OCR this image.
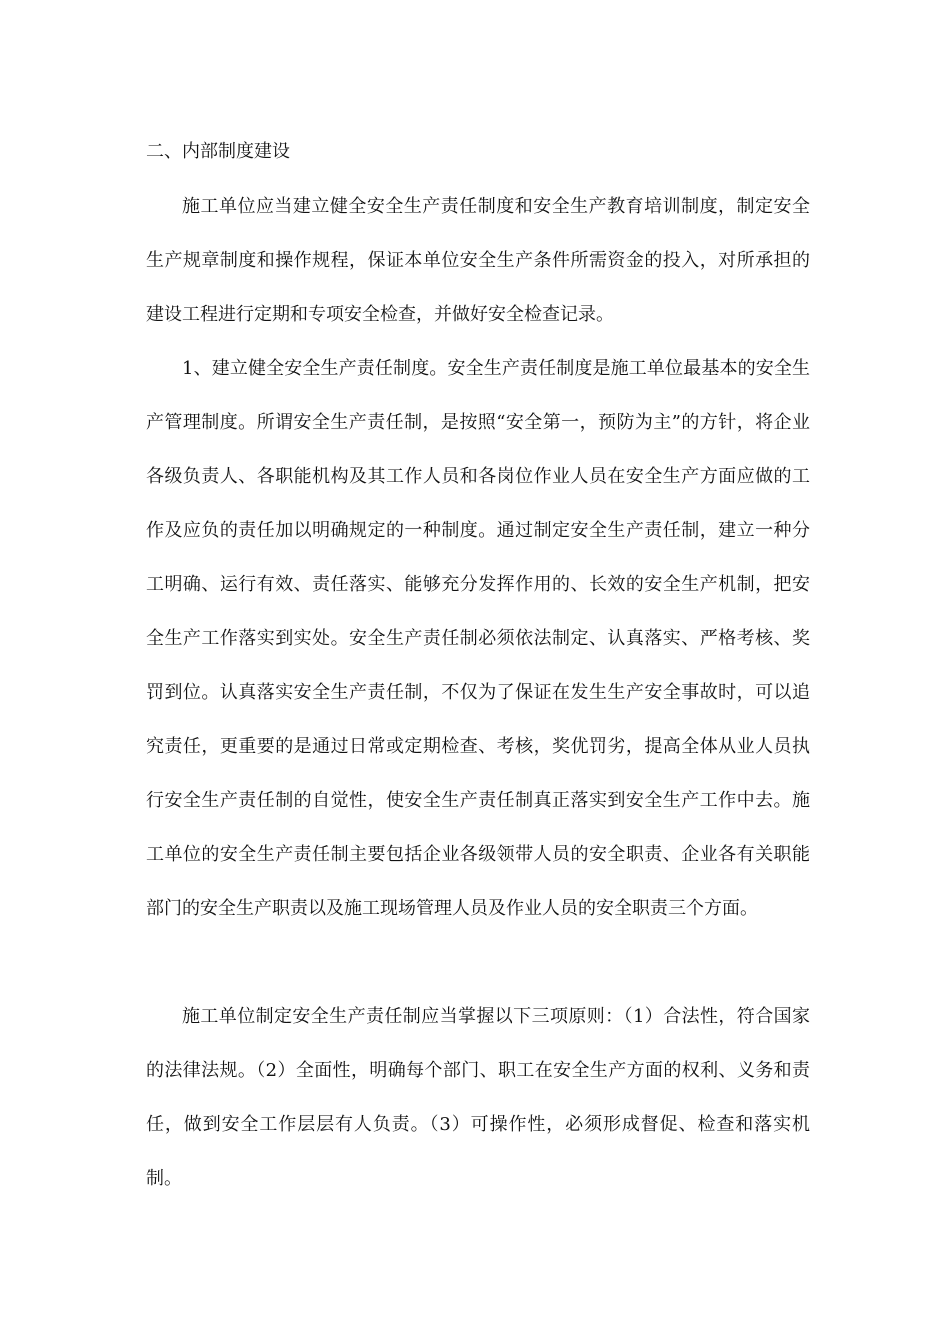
二、内部制度建设

施工单位应当建立健全安全生产责任制度和安全生产教育培训制度，制定安全生产规章制度和操作规程，保证本单位安全生产条件所需资金的投入，对所承担的建设工程进行定期和专项安全检查，并做好安全检查记录。

1、建立健全安全生产责任制度。安全生产责任制度是施工单位最基本的安全生产管理制度。所谓安全生产责任制，是按照“安全第一，预防为主”的方针，将企业各级负责人、各职能机构及其工作人员和各岗位作业人员在安全生产方面应做的工作及应负的责任加以明确规定的一种制度。通过制定安全生产责任制，建立一种分工明确、运行有效、责任落实、能够充分发挥作用的、长效的安全生产机制，把安全生产工作落实到实处。安全生产责任制必须依法制定、认真落实、严格考核、奖罚到位。认真落实安全生产责任制，不仅为了保证在发生生产安全事故时，可以追究责任，更重要的是通过日常或定期检查、考核，奖优罚劣，提高全体从业人员执行安全生产责任制的自觉性，使安全生产责任制真正落实到安全生产工作中去。施工单位的安全生产责任制主要包括企业各级领带人员的安全职责、企业各有关职能部门的安全生产职责以及施工现场管理人员及作业人员的安全职责三个方面。

施工单位制定安全生产责任制应当掌握以下三项原则：（1）合法性，符合国家的法律法规。（2）全面性，明确每个部门、职工在安全生产方面的权利、义务和责任，做到安全工作层层有人负责。（3）可操作性，必须形成督促、检查和落实机制。
